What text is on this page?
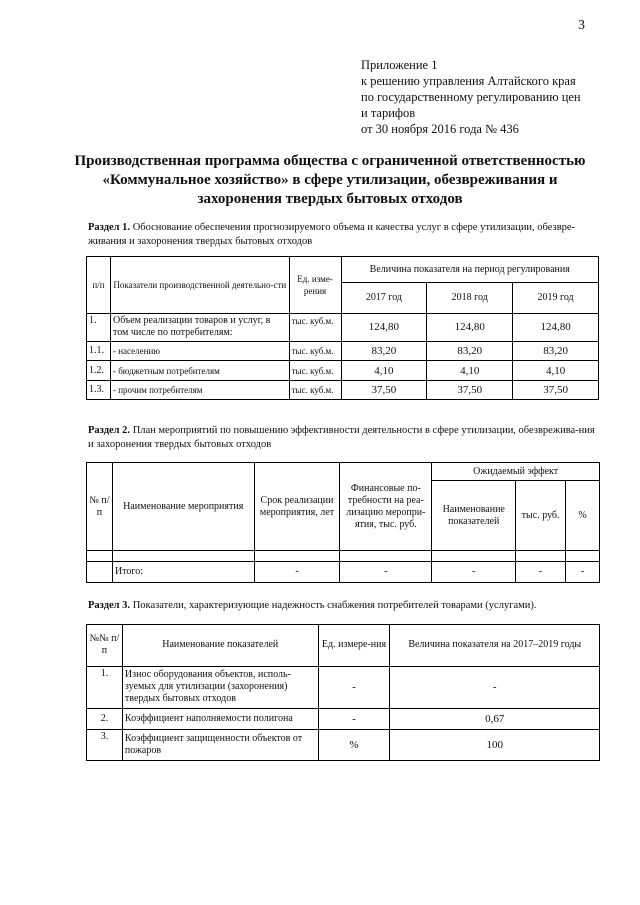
3
Приложение 1
к решению управления Алтайского края
по государственному регулированию цен
и тарифов
от 30 ноября 2016 года № 436
Производственная программа общества с ограниченной ответственностью «Коммунальное хозяйство» в сфере утилизации, обезвреживания и захоронения твердых бытовых отходов
Раздел 1. Обоснование обеспечения прогнозируемого объема и качества услуг в сфере утилизации, обезвре-живания и захоронения твердых бытовых отходов
п/п	Показатели производственной деятельно-сти	Ед. изме-рения	Величина показателя на период регулирования		
			2017 год	2018 год	2019 год
1.	Объем реализации товаров и услуг, в том числе по потребителям:	тыс. куб.м.	124,80	124,80	124,80
1.1.	- населению	тыс. куб.м.	83,20	83,20	83,20
1.2.	- бюджетным потребителям	тыс. куб.м.	4,10	4,10	4,10
1.3.	- прочим потребителям	тыс. куб.м.	37,50	37,50	37,50
Раздел 2. План мероприятий по повышению эффективности деятельности в сфере утилизации, обезврежива-ния и захоронения твердых бытовых отходов
№ п/п	Наименование мероприятия	Срок реализации мероприятия, лет	Финансовые по-требности на реа-лизацию меропри-ятия, тыс. руб.	Ожидаемый эффект		
				Наименование показателей	тыс. руб.	%

	Итого:	-	-	-	-	-
Раздел 3. Показатели, характеризующие надежность снабжения потребителей товарами (услугами).
№№ п/п	Наименование показателей	Ед. измере-ния	Величина показателя на 2017–2019 годы
1.	Износ оборудования объектов, исполь-зуемых для утилизации (захоронения) твердых бытовых отходов	-	-
2.	Коэффициент наполняемости полигона	-	0,67
3.	Коэффициент защищенности объектов от пожаров	%	100
